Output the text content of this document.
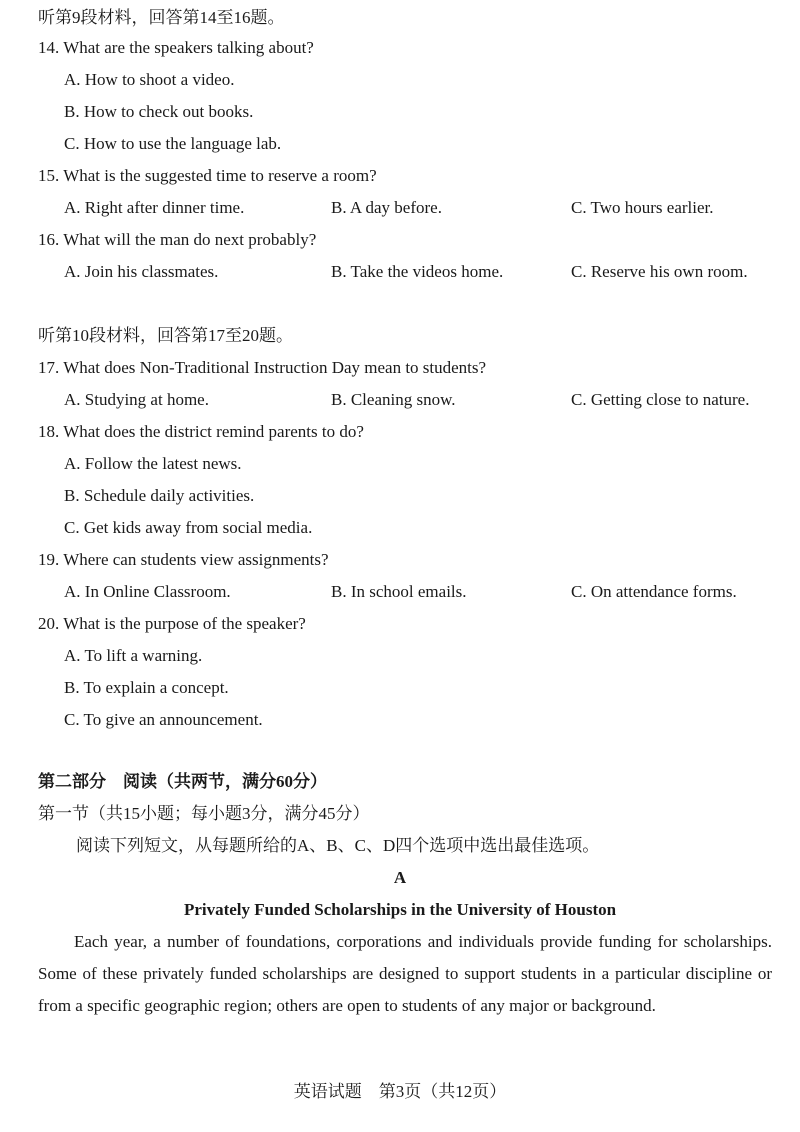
听第9段材料，回答第14至16题。
14. What are the speakers talking about?
A. How to shoot a video.
B. How to check out books.
C. How to use the language lab.
15. What is the suggested time to reserve a room?
A. Right after dinner time.	B. A day before.	C. Two hours earlier.
16. What will the man do next probably?
A. Join his classmates.	B. Take the videos home.	C. Reserve his own room.
听第10段材料，回答第17至20题。
17. What does Non-Traditional Instruction Day mean to students?
A. Studying at home.	B. Cleaning snow.	C. Getting close to nature.
18. What does the district remind parents to do?
A. Follow the latest news.
B. Schedule daily activities.
C. Get kids away from social media.
19. Where can students view assignments?
A. In Online Classroom.	B. In school emails.	C. On attendance forms.
20. What is the purpose of the speaker?
A. To lift a warning.
B. To explain a concept.
C. To give an announcement.
第二部分　阅读（共两节，满分60分）
第一节（共15小题；每小题3分，满分45分）
阅读下列短文，从每题所给的A、B、C、D四个选项中选出最佳选项。
A
Privately Funded Scholarships in the University of Houston
Each year, a number of foundations, corporations and individuals provide funding for scholarships. Some of these privately funded scholarships are designed to support students in a particular discipline or from a specific geographic region; others are open to students of any major or background.
英语试题　第3页（共12页）
